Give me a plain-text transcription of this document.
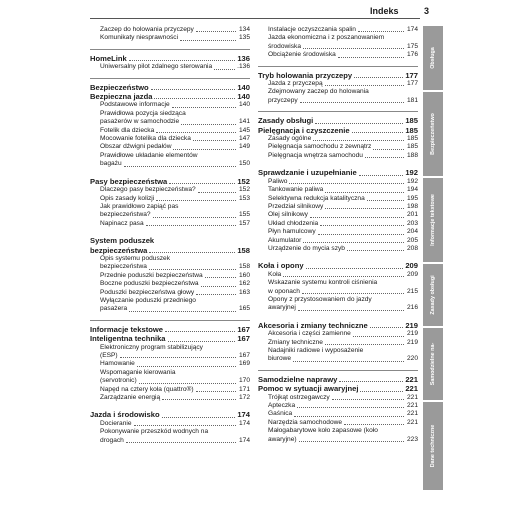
Indeks	3
Zaczep do holowania przyczepy	134
Komunikaty niesprawności	135
HomeLink	136
Uniwersalny pilot zdalnego sterowania	.136
Bezpieczeństwo	140
Bezpieczna jazda	140
Podstawowe informacje	140
Prawidłowa pozycja siedząca
pasażerów w samochodzie	141
Fotelik dla dziecka	145
Mocowanie fotelika dla dziecka	147
Obszar dźwigni pedałów	149
Prawidłowe układanie elementów
bagażu	150
Pasy bezpieczeństwa	152
Dlaczego pasy bezpieczeństwa?	152
Opis zasady kolizji	153
Jak prawidłowo zapiąć pas
bezpieczeństwa?	155
Napinacz pasa	157
System poduszek
bezpieczeństwa	158
Opis systemu poduszek
bezpieczeństwa	158
Przednie poduszki bezpieczeństwa	160
Boczne poduszki bezpieczeństwa	162
Poduszki bezpieczeństwa głowy	163
Wyłączanie poduszki przedniego
pasażera	165
Informacje tekstowe	167
Inteligentna technika	167
Elektroniczny program stabilizujący
(ESP)	167
Hamowanie	169
Wspomaganie kierowania
(servotronic)	170
Napęd na cztery koła (quattro®)	171
Zarządzanie energią	172
Jazda i środowisko	174
Docieranie	174
Pokonywanie przeszkód wodnych na
drogach	174
Instalacje oczyszczania spalin	174
Jazda ekonomiczna i z poszanowaniem
środowiska	175
Obciążenie środowiska	176
Tryb holowania przyczepy	177
Jazda z przyczepą	177
Zdejmowany zaczep do holowania
przyczepy	181
Zasady obsługi	185
Pielęgnacja i czyszczenie	185
Zasady ogólne	185
Pielęgnacja samochodu z zewnątrz	185
Pielęgnacja wnętrza samochodu	188
Sprawdzanie i uzupełnianie	192
Paliwo	192
Tankowanie paliwa	194
Selektywna redukcja katalityczna	195
Przedział silnikowy	198
Olej silnikowy	201
Układ chłodzenia	203
Płyn hamulcowy	204
Akumulator	205
Urządzenie do mycia szyb	208
Koła i opony	209
Koła	209
Wskazanie systemu kontroli ciśnienia
w oponach	215
Opony z przystosowaniem do jazdy
awaryjnej	216
Akcesoria i zmiany techniczne	219
Akcesoria i części zamienne	219
Zmiany techniczne	219
Nadajniki radiowe i wyposażenie
biurowe	220
Samodzielne naprawy	221
Pomoc w sytuacji awaryjnej	221
Trójkąt ostrzegawczy	221
Apteczka	221
Gaśnica	221
Narzędzia samochodowe	221
Małogabarytowe koło zapasowe (koło
awaryjne)	223
Obsługa
Bezpieczeństwo
Informacje tekstowe
Zasady obsługi
Samodzielne na-
Dane techniczne
